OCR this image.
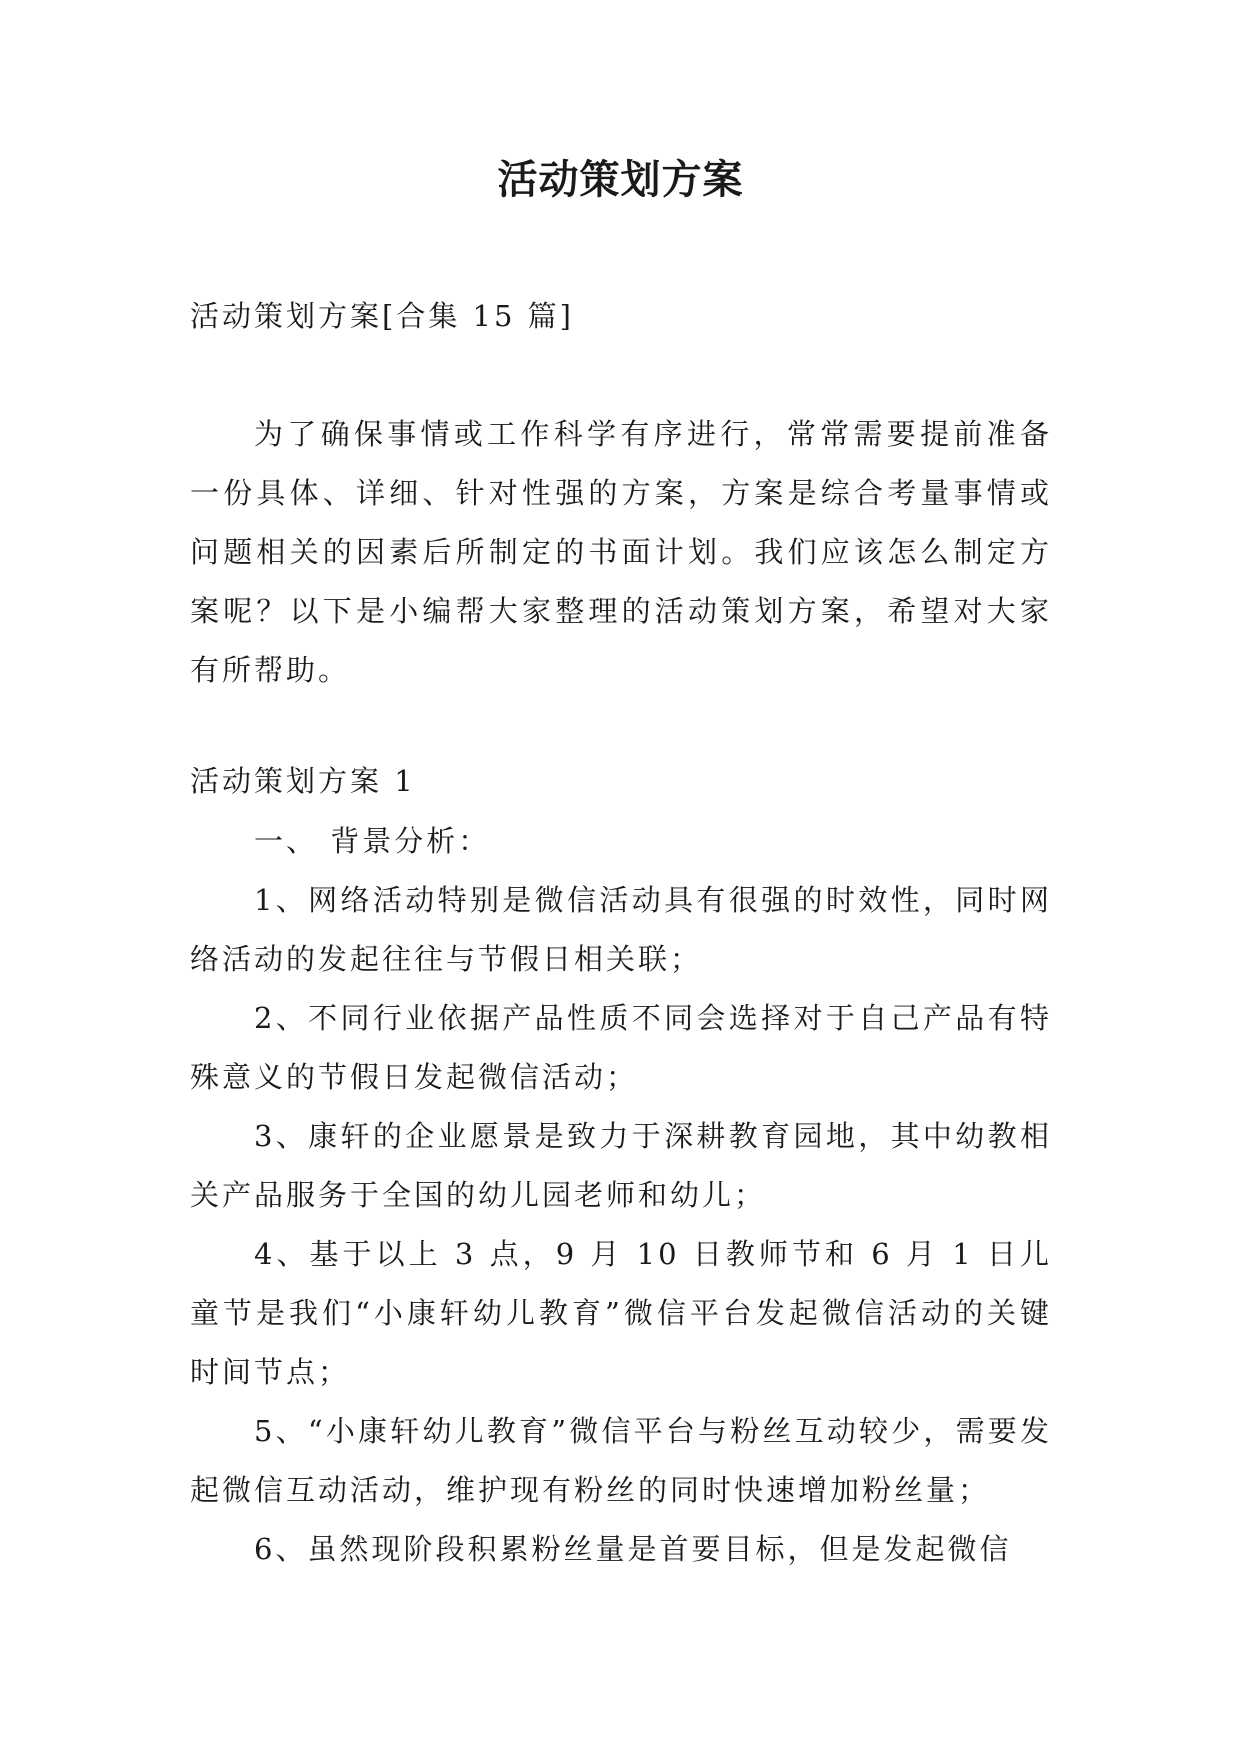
活动策划方案

活动策划方案[合集 15 篇]

为了确保事情或工作科学有序进行，常常需要提前准备一份具体、详细、针对性强的方案，方案是综合考量事情或问题相关的因素后所制定的书面计划。我们应该怎么制定方案呢？以下是小编帮大家整理的活动策划方案，希望对大家有所帮助。

活动策划方案 1

一、 背景分析：

1、网络活动特别是微信活动具有很强的时效性，同时网络活动的发起往往与节假日相关联；

2、不同行业依据产品性质不同会选择对于自己产品有特殊意义的节假日发起微信活动；

3、康轩的企业愿景是致力于深耕教育园地，其中幼教相关产品服务于全国的幼儿园老师和幼儿；

4、基于以上 3 点，9 月 10 日教师节和 6 月 1 日儿童节是我们“小康轩幼儿教育”微信平台发起微信活动的关键时间节点；

5、“小康轩幼儿教育”微信平台与粉丝互动较少，需要发起微信互动活动，维护现有粉丝的同时快速增加粉丝量；

6、虽然现阶段积累粉丝量是首要目标，但是发起微信
